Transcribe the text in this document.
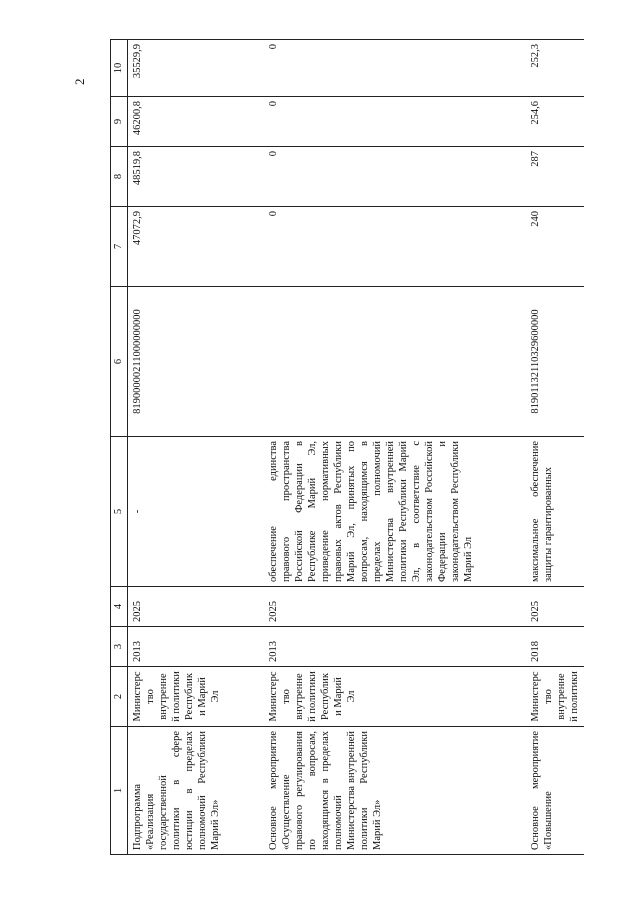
2
1	2	3	4	5	6	7	8	9	10
Подпрограмма «Реализация государственной политики в сфере юстиции в пределах полномочий Республики Марий Эл»	Министерство внутренней политики Республики Марий Эл	2013	2025	-	81900000211000000000	47072,9	48519,8	46200,8	35529,9
Основное мероприятие «Осуществление правового регулирования по вопросам, находящимся в пределах полномочий Министерства внутренней политики Республики Марий Эл»	Министерство внутренней политики Республики Марий Эл	2013	2025	обеспечение единства правового пространства Российской Федерации в Республике Марий Эл, приведение нормативных правовых актов Республики Марий Эл, принятых по вопросам, находящимся в пределах полномочий Министерства внутренней политики Республики Марий Эл, в соответствие с законодательством Российской Федерации и законодательством Республики Марий Эл		0	0	0	0
Основное мероприятие «Повышение	Министерство внутренней политики	2018	2025	максимальное обеспечение защиты гарантированных	81901132110329600000	240	287	254,6	252,3
